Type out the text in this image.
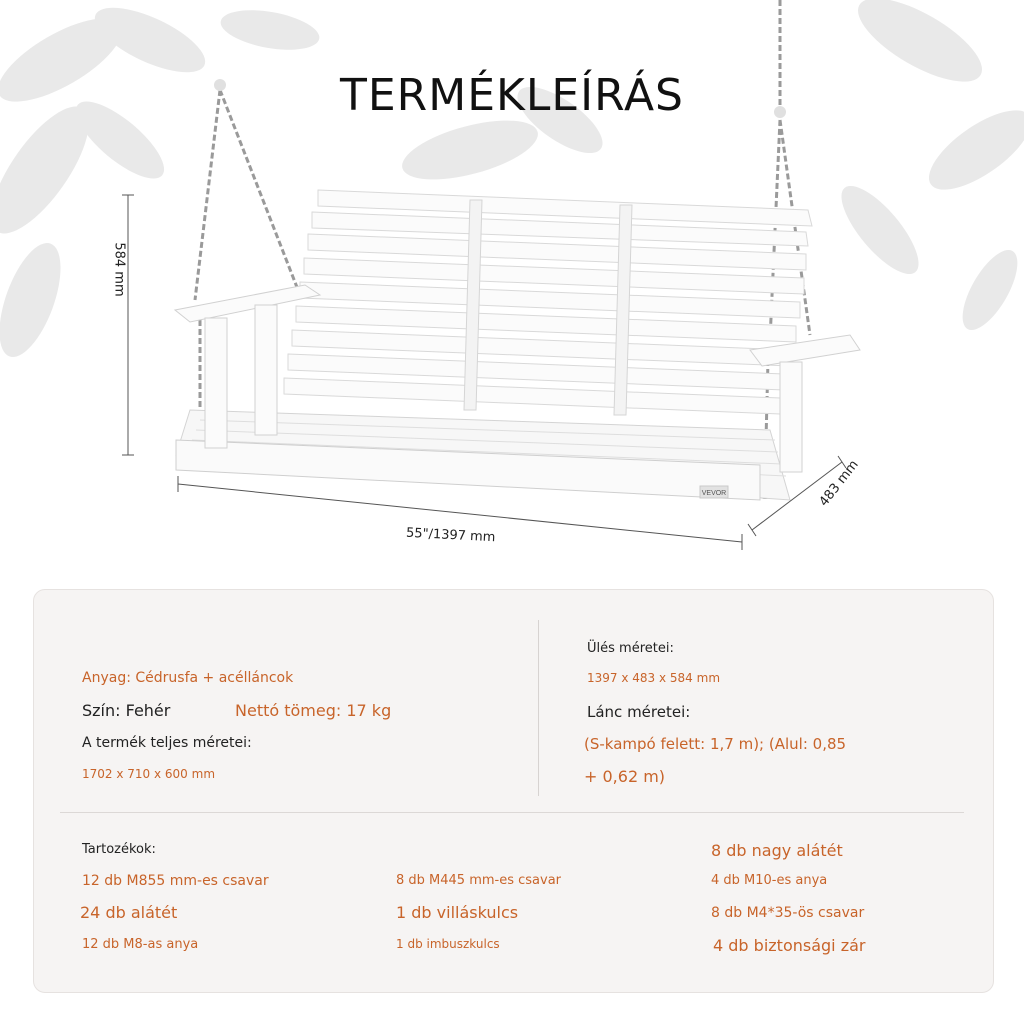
TERMÉKLEÍRÁS
VEVOR
584 mm
55"/1397 mm
483 mm
Anyag: Cédrusfa + acélláncok
Szín: Fehér	Nettó tömeg: 17 kg
A termék teljes méretei:
1702 x 710 x 600 mm
Ülés méretei:
1397 x 483 x 584 mm
Lánc méretei:
(S-kampó felett: 1,7 m); (Alul: 0,85
+ 0,62 m)
Tartozékok:
12 db M855 mm-es csavar
24 db alátét
12 db M8-as anya
8 db M445 mm-es csavar
1 db villáskulcs
1 db imbuszkulcs
8 db nagy alátét
4 db M10-es anya
8 db M4*35-ös csavar
4 db biztonsági zár
